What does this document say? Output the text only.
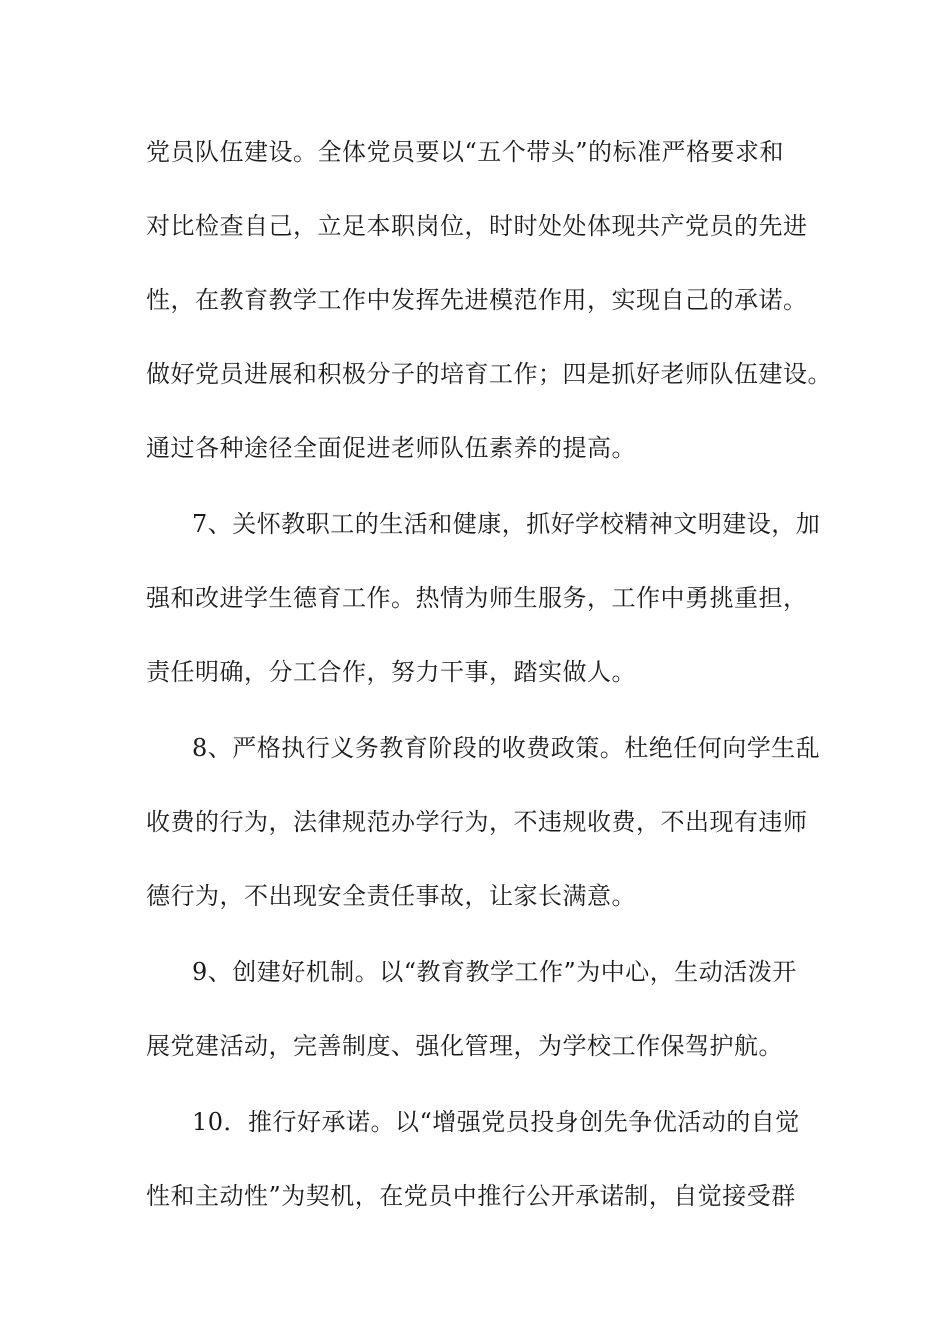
党员队伍建设。全体党员要以“五个带头”的标准严格要求和
对比检查自己，立足本职岗位，时时处处体现共产党员的先进
性，在教育教学工作中发挥先进模范作用，实现自己的承诺。
做好党员进展和积极分子的培育工作；四是抓好老师队伍建设。
通过各种途径全面促进老师队伍素养的提高。
7、关怀教职工的生活和健康，抓好学校精神文明建设，加
强和改进学生德育工作。热情为师生服务，工作中勇挑重担，
责任明确，分工合作，努力干事，踏实做人。
8、严格执行义务教育阶段的收费政策。杜绝任何向学生乱
收费的行为，法律规范办学行为，不违规收费，不出现有违师
德行为，不出现安全责任事故，让家长满意。
9、创建好机制。以“教育教学工作”为中心，生动活泼开
展党建活动，完善制度、强化管理，为学校工作保驾护航。
10．推行好承诺。以“增强党员投身创先争优活动的自觉
性和主动性”为契机，在党员中推行公开承诺制，自觉接受群
